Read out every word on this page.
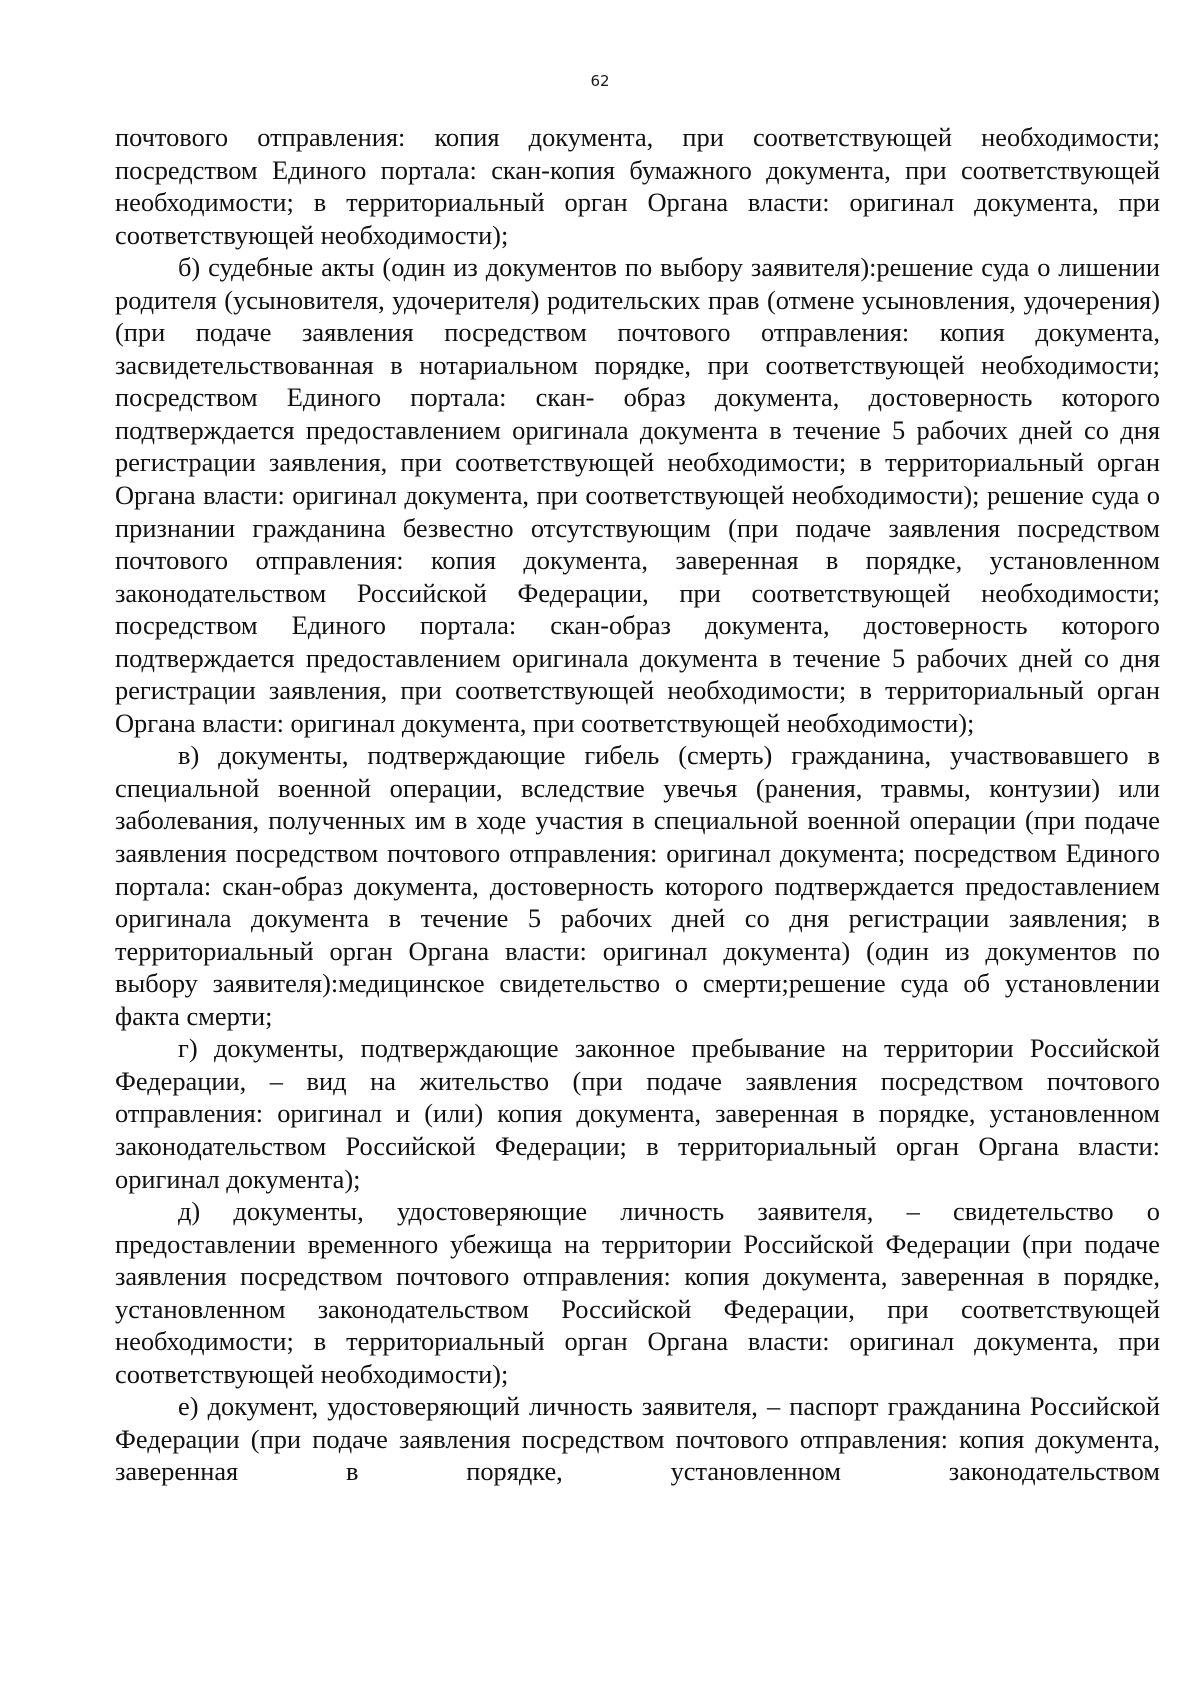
62

почтового отправления: копия документа, при соответствующей необходимости; посредством Единого портала: скан-копия бумажного документа, при соответствующей необходимости; в территориальный орган Органа власти: оригинал документа, при соответствующей необходимости);

б) судебные акты (один из документов по выбору заявителя):решение суда о лишении родителя (усыновителя, удочерителя) родительских прав (отмене усыновления, удочерения) (при подаче заявления посредством почтового отправления: копия документа, засвидетельствованная в нотариальном порядке, при соответствующей необходимости; посредством Единого портала: скан- образ документа, достоверность которого подтверждается предоставлением оригинала документа в течение 5 рабочих дней со дня регистрации заявления, при соответствующей необходимости; в территориальный орган Органа власти: оригинал документа, при соответствующей необходимости); решение суда о признании гражданина безвестно отсутствующим (при подаче заявления посредством почтового отправления: копия документа, заверенная в порядке, установленном законодательством Российской Федерации, при соответствующей необходимости; посредством Единого портала: скан-образ документа, достоверность которого подтверждается предоставлением оригинала документа в течение 5 рабочих дней со дня регистрации заявления, при соответствующей необходимости; в территориальный орган Органа власти: оригинал документа, при соответствующей необходимости);

в) документы, подтверждающие гибель (смерть) гражданина, участвовавшего в специальной военной операции, вследствие увечья (ранения, травмы, контузии) или заболевания, полученных им в ходе участия в специальной военной операции (при подаче заявления посредством почтового отправления: оригинал документа; посредством Единого портала: скан-образ документа, достоверность которого подтверждается предоставлением оригинала документа в течение 5 рабочих дней со дня регистрации заявления; в территориальный орган Органа власти: оригинал документа) (один из документов по выбору заявителя):медицинское свидетельство о смерти;решение суда об установлении факта смерти;

г) документы, подтверждающие законное пребывание на территории Российской Федерации, – вид на жительство (при подаче заявления посредством почтового отправления: оригинал и (или) копия документа, заверенная в порядке, установленном законодательством Российской Федерации; в территориальный орган Органа власти: оригинал документа);

д) документы, удостоверяющие личность заявителя, – свидетельство о предоставлении временного убежища на территории Российской Федерации (при подаче заявления посредством почтового отправления: копия документа, заверенная в порядке, установленном законодательством Российской Федерации, при соответствующей необходимости; в территориальный орган Органа власти: оригинал документа, при соответствующей необходимости);

е) документ, удостоверяющий личность заявителя, – паспорт гражданина Российской Федерации (при подаче заявления посредством почтового отправления: копия документа, заверенная в порядке, установленном законодательством
